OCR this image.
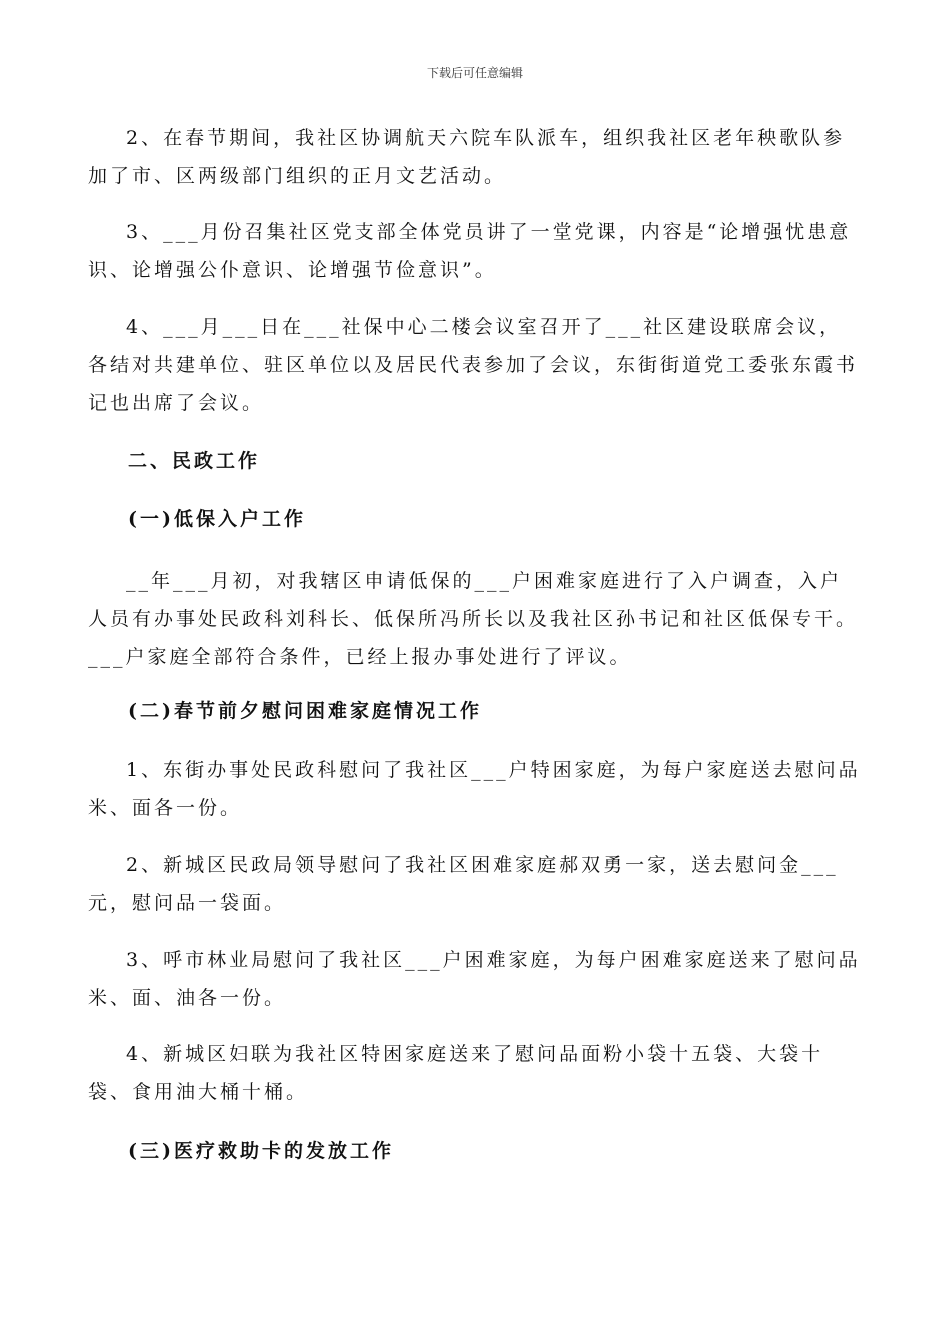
下载后可任意编辑

2、在春节期间，我社区协调航天六院车队派车，组织我社区老年秧歌队参加了市、区两级部门组织的正月文艺活动。

3、___月份召集社区党支部全体党员讲了一堂党课，内容是“论增强忧患意识、论增强公仆意识、论增强节俭意识”。

4、___月___日在___社保中心二楼会议室召开了___社区建设联席会议，各结对共建单位、驻区单位以及居民代表参加了会议，东街街道党工委张东霞书记也出席了会议。

二、民政工作

(一)低保入户工作

__年___月初，对我辖区申请低保的___户困难家庭进行了入户调查，入户人员有办事处民政科刘科长、低保所冯所长以及我社区孙书记和社区低保专干。___户家庭全部符合条件，已经上报办事处进行了评议。

(二)春节前夕慰问困难家庭情况工作

1、东街办事处民政科慰问了我社区___户特困家庭，为每户家庭送去慰问品米、面各一份。

2、新城区民政局领导慰问了我社区困难家庭郝双勇一家，送去慰问金___元，慰问品一袋面。

3、呼市林业局慰问了我社区___户困难家庭，为每户困难家庭送来了慰问品米、面、油各一份。

4、新城区妇联为我社区特困家庭送来了慰问品面粉小袋十五袋、大袋十袋、食用油大桶十桶。

(三)医疗救助卡的发放工作
